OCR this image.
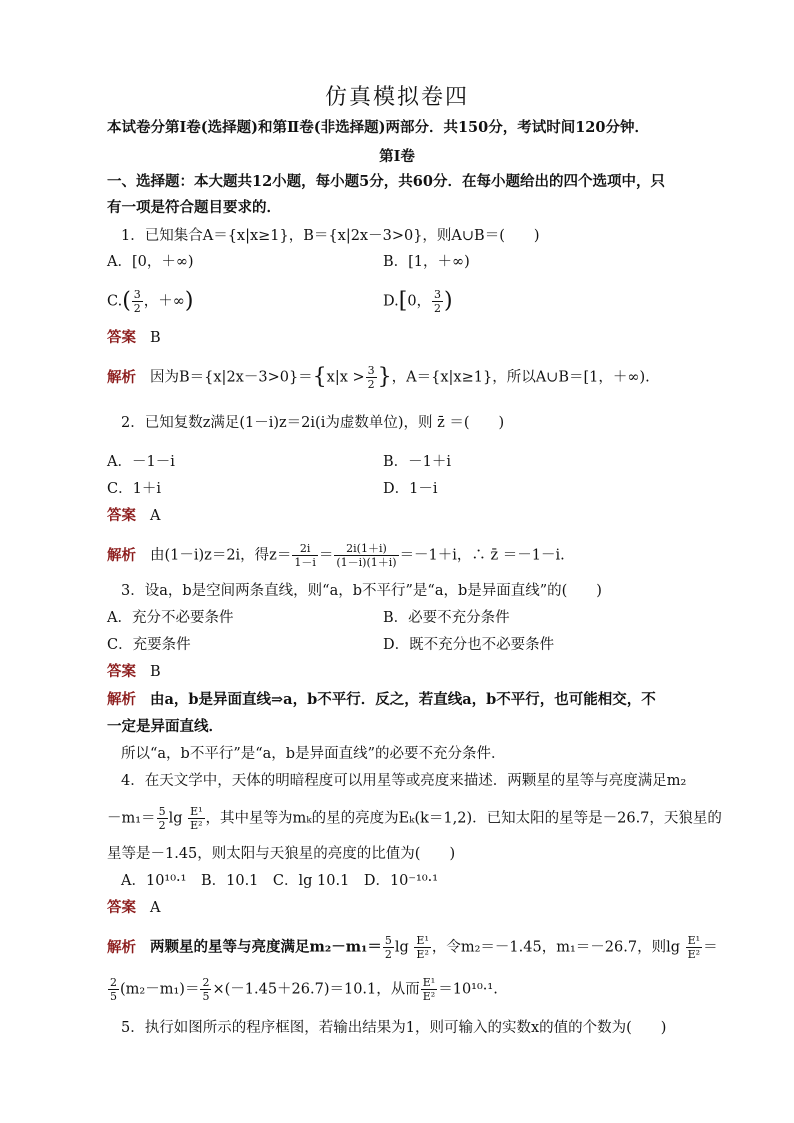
仿真模拟卷四
本试卷分第Ⅰ卷(选择题)和第Ⅱ卷(非选择题)两部分．共150分，考试时间120分钟．
第Ⅰ卷
一、选择题：本大题共12小题，每小题5分，共60分．在每小题给出的四个选项中，只
有一项是符合题目要求的．
1．已知集合A＝{x|x≥1}，B＝{x|2x－3>0}，则A∪B＝(　　)
A．[0，＋∞)	B．[1，＋∞)
$C.( \frac{3}{2}$ ，＋∞)	D.[0， $\frac{3}{2}$ )
答案 B
解析 因为$B=\{x|2x-3>0\}=\{x|x > \frac{3}{2}$ }，A＝{x|x≥1}，所以A∪B＝[1，＋∞).
2．已知复数z满足(1－i)z＝2i(i为虚数单位)，则 z̄ ＝(　　)
A．－1－i	B．－1＋i
C．1＋i	D．1－i
答案 A
解析 由(1－i)z＝2i，得$z= \frac{2i}{1-i} = \frac{2i(1+i)}{(1-i)(1+i)} =-1+i$，∴ z̄ ＝－1－i.
3．设a，b是空间两条直线，则“a，b不平行”是“a，b是异面直线”的(　　)
A．充分不必要条件	B．必要不充分条件
C．充要条件	D．既不充分也不必要条件
答案 B
解析 由a，b是异面直线⇒a，b不平行．反之，若直线a，b不平行，也可能相交，不
一定是异面直线．
所以“a，b不平行”是“a，b是异面直线”的必要不充分条件．
4．在天文学中，天体的明暗程度可以用星等或亮度来描述．两颗星的星等与亮度满足m₂
$-m_1= \frac{5}{2}$ $\lg \frac{\text{E¹}}{\text{E²}}$ ，其中星等为mₖ的星的亮度为Eₖ(k＝1,2)．已知太阳的星等是－26.7，天狼星的
星等是－1.45，则太阳与天狼星的亮度的比值为(　　)
A．10¹⁰·¹　B．10.1　C．lg 10.1　D．10⁻¹⁰·¹
答案 A
解析 两颗星的星等与亮度满足$m_2-m_1= \frac{5}{2}$ $\lg \frac{\text{E¹}}{\text{E²}}$ ，令m₂＝－1.45，m₁＝－26.7，则$\lg \frac{\text{E¹}}{\text{E²}}$ ＝
$\frac{2}{5} (m_2-m_1)= \frac{2}{5} \times(-1.45+26.7)=10.1$，从而 $\frac{\text{E¹}}{\text{E²}} =10^{10}\cdot^1$.
5．执行如图所示的程序框图，若输出结果为1，则可输入的实数x的值的个数为(　　)
